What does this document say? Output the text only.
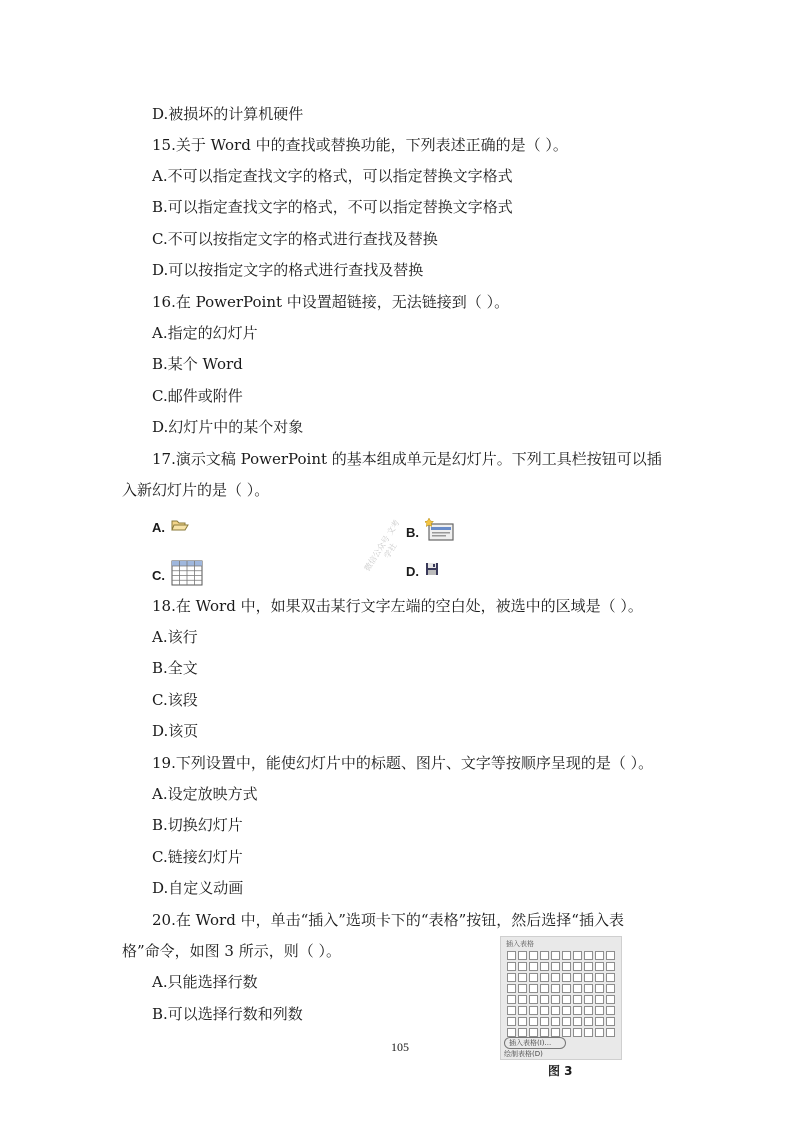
D.被损坏的计算机硬件
15.关于 Word 中的查找或替换功能，下列表述正确的是（ ）。
A.不可以指定查找文字的格式，可以指定替换文字格式
B.可以指定查找文字的格式，不可以指定替换文字格式
C.不可以按指定文字的格式进行查找及替换
D.可以按指定文字的格式进行查找及替换
16.在 PowerPoint 中设置超链接，无法链接到（ ）。
A.指定的幻灯片
B.某个 Word
C.邮件或附件
D.幻灯片中的某个对象
17.演示文稿 PowerPoint 的基本组成单元是幻灯片。下列工具栏按钮可以插
入新幻灯片的是（ ）。
A.	B.
C.	D.
微信公众号 文考学社
18.在 Word 中，如果双击某行文字左端的空白处，被选中的区域是（ ）。
A.该行
B.全文
C.该段
D.该页
19.下列设置中，能使幻灯片中的标题、图片、文字等按顺序呈现的是（ ）。
A.设定放映方式
B.切换幻灯片
C.链接幻灯片
D.自定义动画
20.在 Word 中，单击“插入”选项卡下的“表格”按钮，然后选择“插入表
格”命令，如图 3 所示，则（ ）。
A.只能选择行数
B.可以选择行数和列数
插入表格
插入表格(I)...
绘制表格(D)
图 3
105
